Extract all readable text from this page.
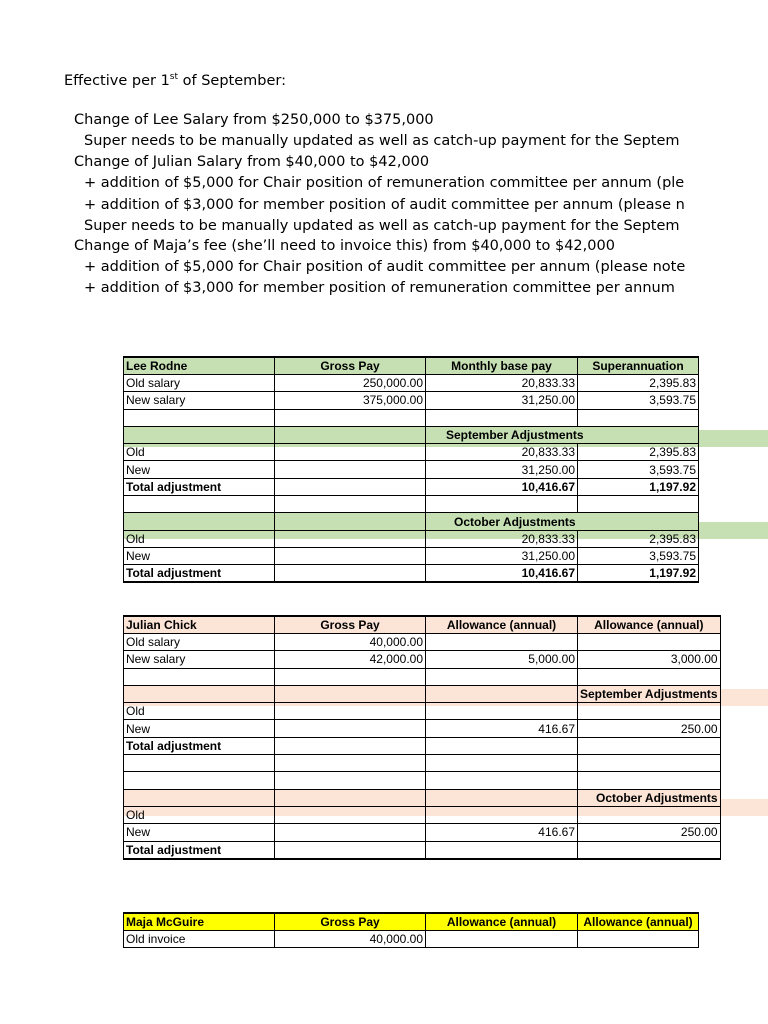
Effective per 1st of September:
Change of Lee Salary from $250,000 to $375,000
Super needs to be manually updated as well as catch-up payment for the Septem
Change of Julian Salary from $40,000 to $42,000
+ addition of $5,000 for Chair position of remuneration committee per annum (ple
+ addition of $3,000 for member position of audit committee per annum (please n
Super needs to be manually updated as well as catch-up payment for the Septem
Change of Maja’s fee (she’ll need to invoice this) from $40,000 to $42,000
+ addition of $5,000 for Chair position of audit committee per annum (please note
+ addition of $3,000 for member position of remuneration committee per annum
Lee Rodne	Gross Pay	Monthly base pay	Superannuation
Old salary	250,000.00	20,833.33	2,395.83
New salary	375,000.00	31,250.00	3,593.75

		September Adjustments	
Old		20,833.33	2,395.83
New		31,250.00	3,593.75
Total adjustment		10,416.67	1,197.92

		October Adjustments	
Old		20,833.33	2,395.83
New		31,250.00	3,593.75
Total adjustment		10,416.67	1,197.92
Julian Chick	Gross Pay	Allowance (annual)	Allowance (annual)
Old salary	40,000.00		
New salary	42,000.00	5,000.00	3,000.00

			September Adjustments
Old			
New		416.67	250.00
Total adjustment			

			October Adjustments
Old			
New		416.67	250.00
Total adjustment			
Maja McGuire	Gross Pay	Allowance (annual)	Allowance (annual)
Old invoice	40,000.00		
